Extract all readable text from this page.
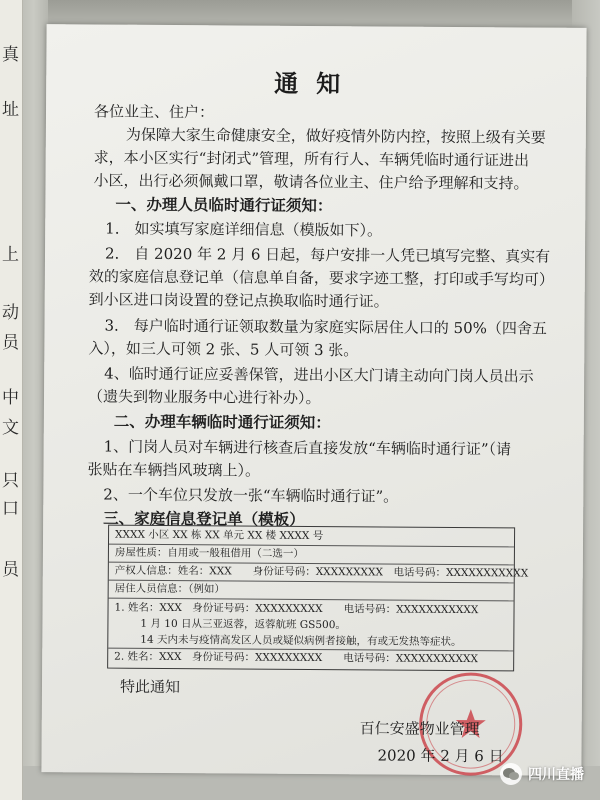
真
址
上
动
员
中
文
只
口
员
通知
各位业主、住户：
为保障大家生命健康安全，做好疫情外防内控，按照上级有关要
求，本小区实行“封闭式”管理，所有行人、车辆凭临时通行证进出
小区，出行必须佩戴口罩，敬请各位业主、住户给予理解和支持。
一、办理人员临时通行证须知：
1.　如实填写家庭详细信息（模版如下）。
2.　自 2020 年 2 月 6 日起，每户安排一人凭已填写完整、真实有
效的家庭信息登记单（信息单自备，要求字迹工整，打印或手写均可）
到小区进口岗设置的登记点换取临时通行证。
3.　每户临时通行证领取数量为家庭实际居住人口的 50%（四舍五
入），如三人可领 2 张、5 人可领 3 张。
4、临时通行证应妥善保管，进出小区大门请主动向门岗人员出示
（遗失到物业服务中心进行补办）。
二、办理车辆临时通行证须知：
1、门岗人员对车辆进行核查后直接发放“车辆临时通行证”（请
张贴在车辆挡风玻璃上）。
2、一个车位只发放一张“车辆临时通行证”。
三、家庭信息登记单（模板）
XXXX 小区 XX 栋 XX 单元 XX 楼 XXXX 号
房屋性质：自用或一般租借用（二选一）
产权人信息：姓名：XXX　　身份证号码：XXXXXXXXX　电话号码：XXXXXXXXXXX
居住人员信息：（例如）
1. 姓名：XXX　身份证号码：XXXXXXXXX　　电话号码：XXXXXXXXXXX
1 月 10 日从三亚返蓉，返蓉航班 GS500。
14 天内未与疫情高发区人员或疑似病例者接触，有或无发热等症状。
2. 姓名：XXX　身份证号码：XXXXXXXXX　　电话号码：XXXXXXXXXXX
特此通知
百仁安盛物业管理
2020 年 2 月 6 日
四川直播
